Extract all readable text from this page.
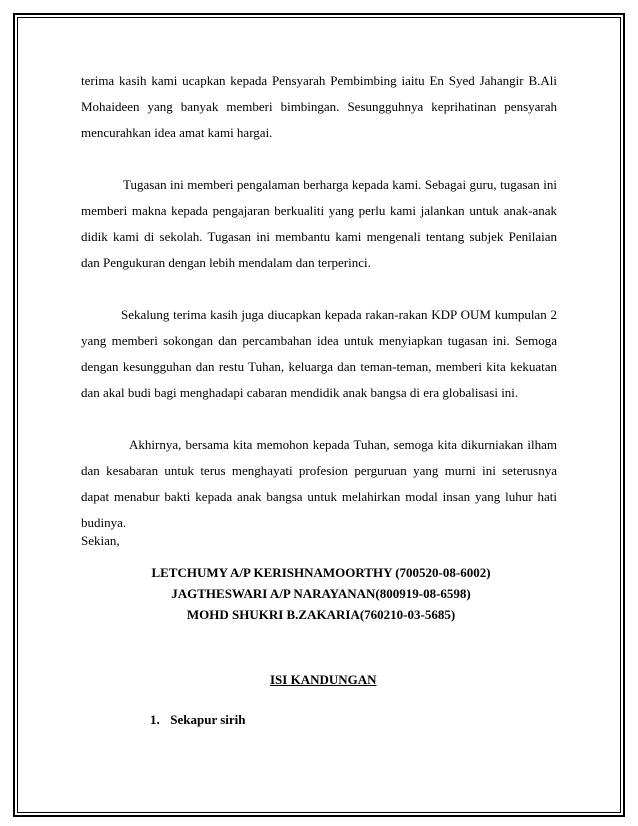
terima kasih kami ucapkan kepada Pensyarah Pembimbing iaitu En Syed Jahangir B.Ali Mohaideen yang banyak memberi bimbingan. Sesungguhnya keprihatinan pensyarah mencurahkan idea amat kami hargai.

Tugasan ini memberi pengalaman berharga kepada kami. Sebagai guru, tugasan ini memberi makna kepada pengajaran berkualiti yang perlu kami jalankan untuk anak-anak didik kami di sekolah. Tugasan ini membantu kami mengenali tentang subjek Penilaian dan Pengukuran dengan lebih mendalam dan terperinci.

Sekalung terima kasih juga diucapkan kepada rakan-rakan KDP OUM kumpulan 2 yang memberi sokongan dan percambahan idea untuk menyiapkan tugasan ini. Semoga dengan kesungguhan dan restu Tuhan, keluarga dan teman-teman, memberi kita kekuatan dan akal budi bagi menghadapi cabaran mendidik anak bangsa di era globalisasi ini.

Akhirnya, bersama kita memohon kepada Tuhan, semoga kita dikurniakan ilham dan kesabaran untuk terus menghayati profesion perguruan yang murni ini seterusnya dapat menabur bakti kepada anak bangsa untuk melahirkan modal insan yang luhur hati budinya.

Sekian,

LETCHUMY A/P KERISHNAMOORTHY (700520-08-6002)

JAGTHESWARI A/P NARAYANAN(800919-08-6598)

MOHD SHUKRI B.ZAKARIA(760210-03-5685)

ISI KANDUNGAN

1. Sekapur sirih
